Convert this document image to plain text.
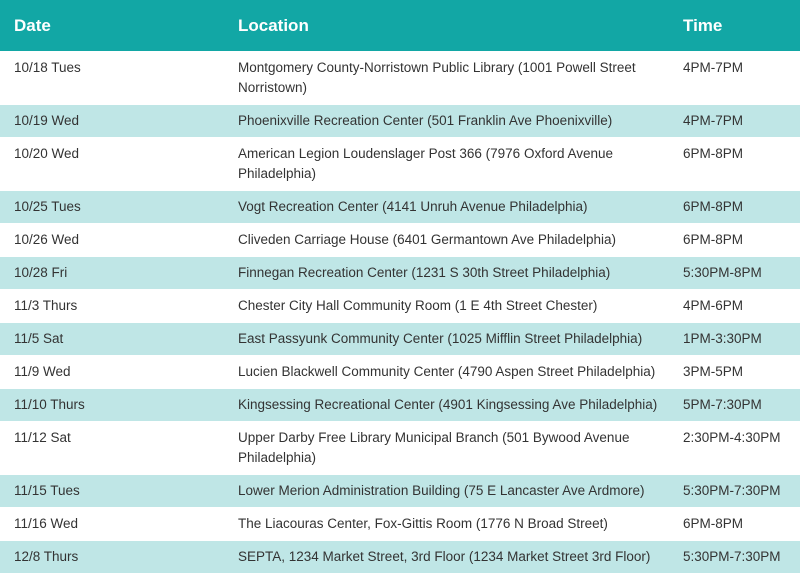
Date	Location	Time
10/18 Tues	Montgomery County-Norristown Public Library (1001 Powell Street Norristown)	4PM-7PM
10/19 Wed	Phoenixville Recreation Center (501 Franklin Ave Phoenixville)	4PM-7PM
10/20 Wed	American Legion Loudenslager Post 366 (7976 Oxford Avenue Philadelphia)	6PM-8PM
10/25 Tues	Vogt Recreation Center (4141 Unruh Avenue Philadelphia)	6PM-8PM
10/26 Wed	Cliveden Carriage House (6401 Germantown Ave Philadelphia)	6PM-8PM
10/28 Fri	Finnegan Recreation Center (1231 S 30th Street Philadelphia)	5:30PM-8PM
11/3 Thurs	Chester City Hall Community Room (1 E 4th Street Chester)	4PM-6PM
11/5 Sat	East Passyunk Community Center (1025 Mifflin Street Philadelphia)	1PM-3:30PM
11/9 Wed	Lucien Blackwell Community Center (4790 Aspen Street Philadelphia)	3PM-5PM
11/10 Thurs	Kingsessing Recreational Center (4901 Kingsessing Ave Philadelphia)	5PM-7:30PM
11/12 Sat	Upper Darby Free Library Municipal Branch (501 Bywood Avenue Philadelphia)	2:30PM-4:30PM
11/15 Tues	Lower Merion Administration Building (75 E Lancaster Ave Ardmore)	5:30PM-7:30PM
11/16 Wed	The Liacouras Center, Fox-Gittis Room (1776 N Broad Street)	6PM-8PM
12/8 Thurs	SEPTA, 1234 Market Street, 3rd Floor (1234 Market Street 3rd Floor)	5:30PM-7:30PM
